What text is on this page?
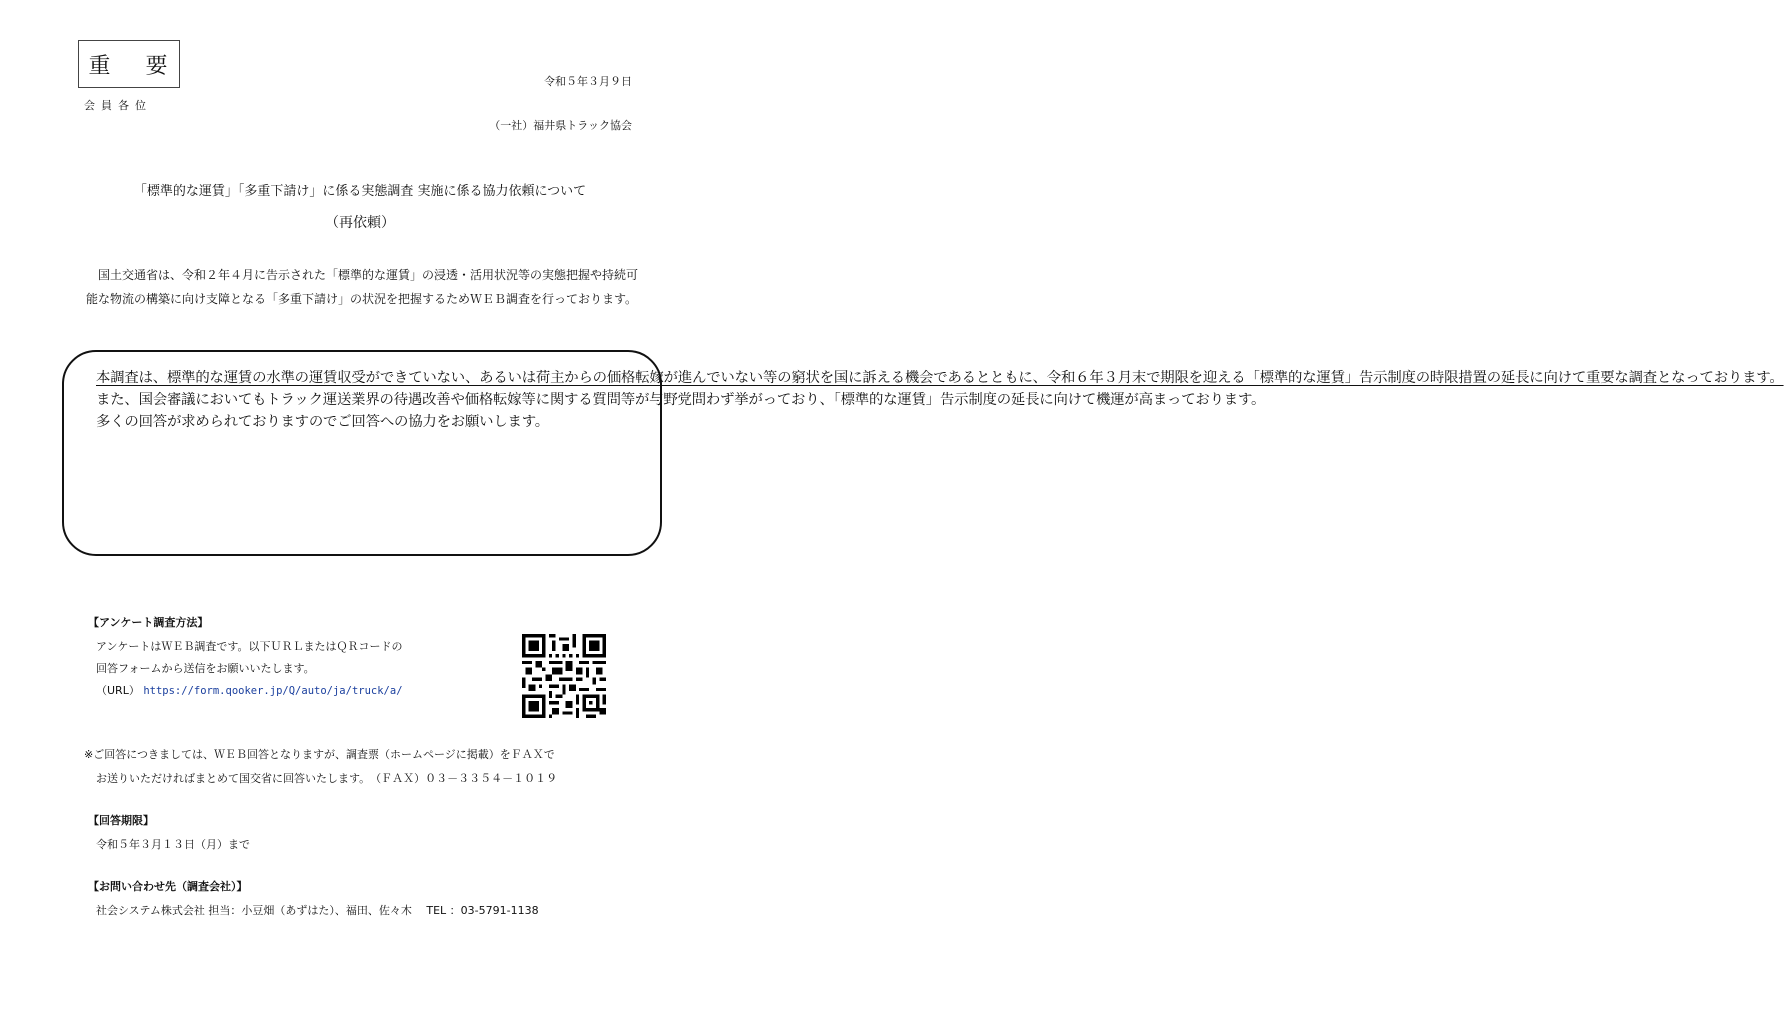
重 要
会員各位
令和５年３月９日
（一社）福井県トラック協会
「標準的な運賃」「多重下請け」に係る実態調査 実施に係る協力依頼について
（再依頼）
国土交通省は、令和２年４月に告示された「標準的な運賃」の浸透・活用状況等の実態把握や持続可能な物流の構築に向け支障となる「多重下請け」の状況を把握するためＷＥＢ調査を行っております。

本調査は、標準的な運賃の水準の運賃収受ができていない、あるいは荷主からの価格転嫁が進んでいない等の窮状を国に訴える機会であるとともに、令和６年３月末で期限を迎える「標準的な運賃」告示制度の時限措置の延長に向けて重要な調査となっております。

また、国会審議においてもトラック運送業界の待遇改善や価格転嫁等に関する質問等が与野党問わず挙がっており、「標準的な運賃」告示制度の延長に向けて機運が高まっております。

多くの回答が求められておりますのでご回答への協力をお願いします。

【アンケート調査方法】
アンケートはＷＥＢ調査です。以下ＵＲＬまたはＱＲコードの
回答フォームから送信をお願いいたします。
（URL） https://form.qooker.jp/Q/auto/ja/truck/a/
※ご回答につきましては、ＷＥＢ回答となりますが、調査票（ホームページに掲載）をＦＡＸで
お送りいただければまとめて国交省に回答いたします。　（ＦＡＸ）０３－３３５４－１０１９
【回答期限】
令和５年３月１３日（月）まで
【お問い合わせ先（調査会社）】
社会システム株式会社 担当：小豆畑（あずはた）、福田、佐々木　 TEL ：03-5791-1138
